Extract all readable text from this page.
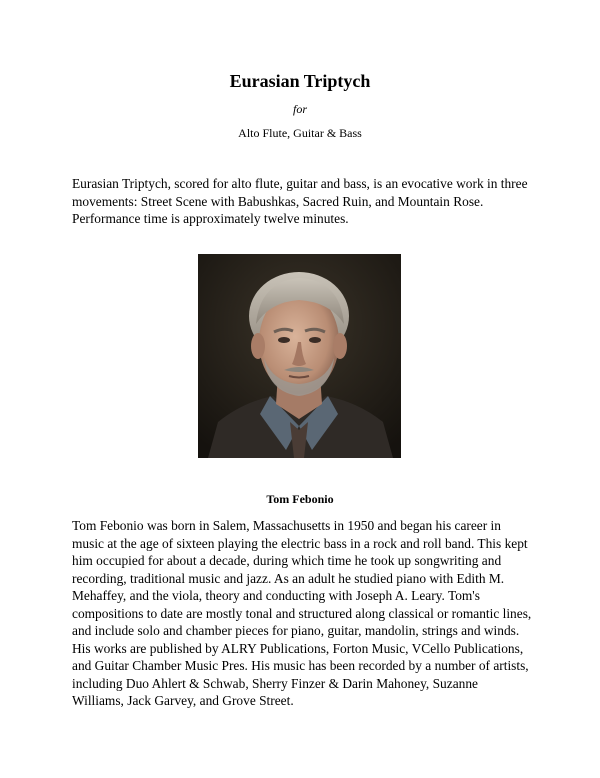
Eurasian Triptych
for
Alto Flute, Guitar & Bass

Eurasian Triptych, scored for alto flute, guitar and bass, is an evocative work in three movements: Street Scene with Babushkas, Sacred Ruin, and Mountain Rose. Performance time is approximately twelve minutes.

Tom Febonio

Tom Febonio was born in Salem, Massachusetts in 1950 and began his career in music at the age of sixteen playing the electric bass in a rock and roll band. This kept him occupied for about a decade, during which time he took up songwriting and recording, traditional music and jazz. As an adult he studied piano with Edith M. Mehaffey, and the viola, theory and conducting with Joseph A. Leary. Tom's compositions to date are mostly tonal and structured along classical or romantic lines, and include solo and chamber pieces for piano, guitar, mandolin, strings and winds. His works are published by ALRY Publications, Forton Music, VCello Publications, and Guitar Chamber Music Pres. His music has been recorded by a number of artists, including Duo Ahlert & Schwab, Sherry Finzer & Darin Mahoney, Suzanne Williams, Jack Garvey, and Grove Street.
